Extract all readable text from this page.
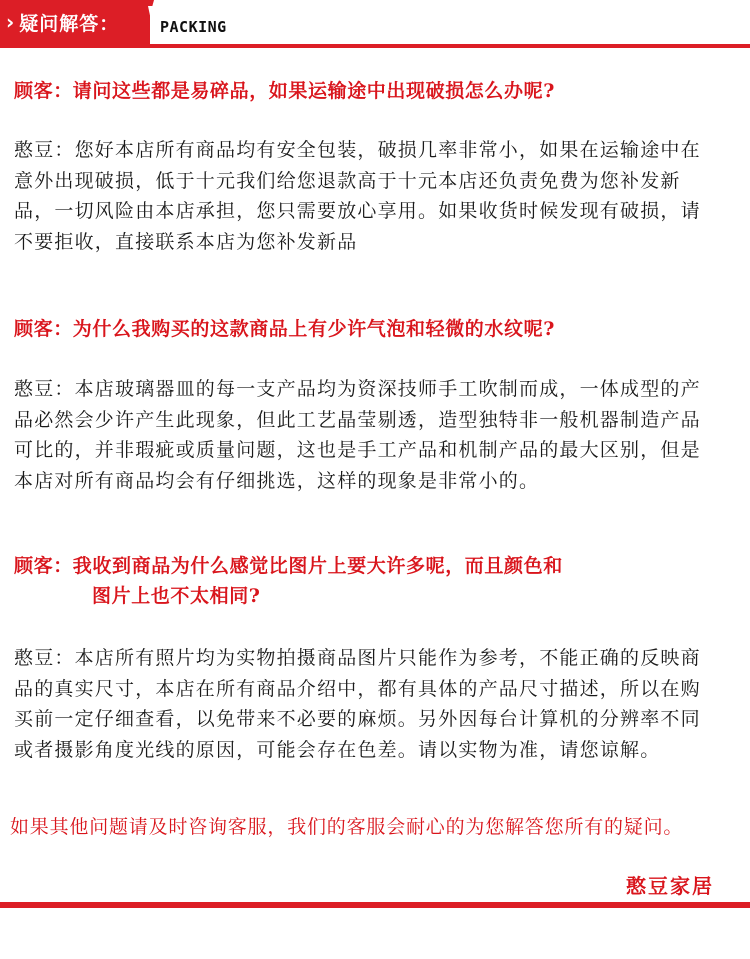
› 疑问解答：	PACKING
顾客：请问这些都是易碎品，如果运输途中出现破损怎么办呢?
憨豆：您好本店所有商品均有安全包装，破损几率非常小，如果在运输途中在意外出现破损，低于十元我们给您退款高于十元本店还负责免费为您补发新品，一切风险由本店承担，您只需要放心享用。如果收货时候发现有破损，请不要拒收，直接联系本店为您补发新品
顾客：为什么我购买的这款商品上有少许气泡和轻微的水纹呢?
憨豆：本店玻璃器皿的每一支产品均为资深技师手工吹制而成，一体成型的产品必然会少许产生此现象，但此工艺晶莹剔透，造型独特非一般机器制造产品可比的，并非瑕疵或质量问题，这也是手工产品和机制产品的最大区别，但是本店对所有商品均会有仔细挑选，这样的现象是非常小的。
顾客：我收到商品为什么感觉比图片上要大许多呢，而且颜色和
图片上也不太相同?
憨豆：本店所有照片均为实物拍摄商品图片只能作为参考，不能正确的反映商品的真实尺寸，本店在所有商品介绍中，都有具体的产品尺寸描述，所以在购买前一定仔细查看，以免带来不必要的麻烦。另外因每台计算机的分辨率不同或者摄影角度光线的原因，可能会存在色差。请以实物为准，请您谅解。
如果其他问题请及时咨询客服，我们的客服会耐心的为您解答您所有的疑问。
憨豆家居
